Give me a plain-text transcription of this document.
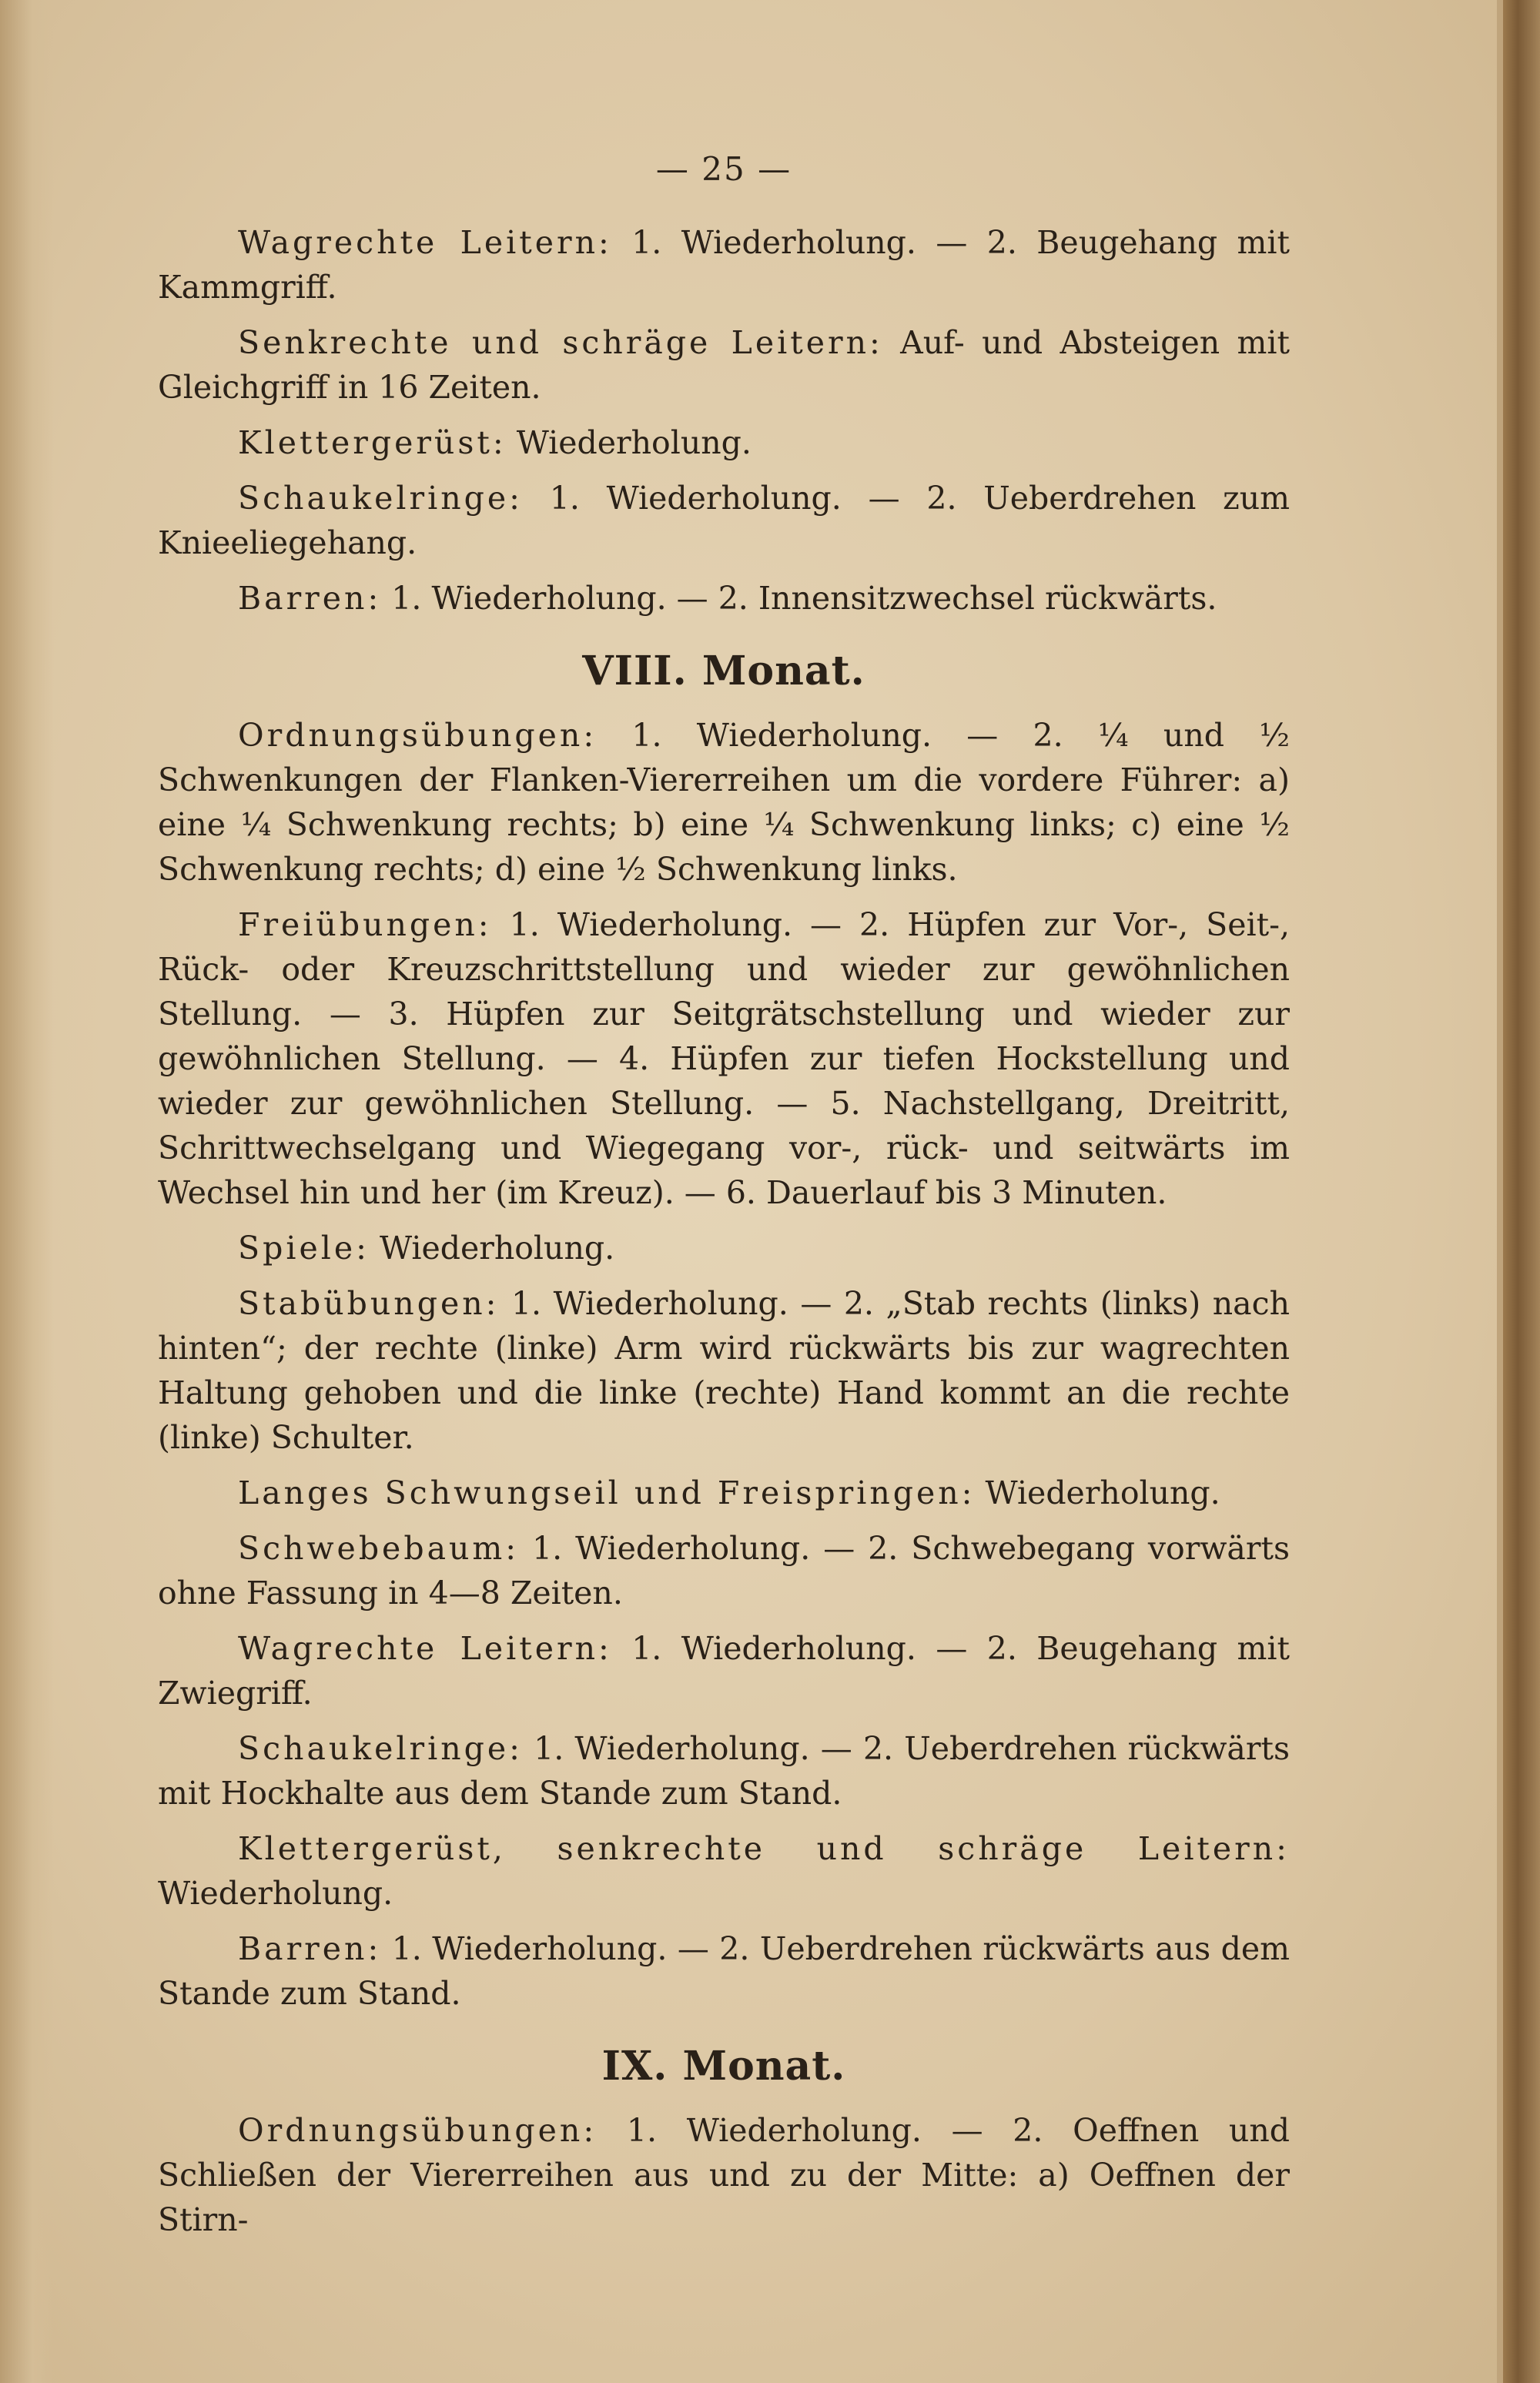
— 25 —

Wagrechte Leitern: 1. Wiederholung. — 2. Beugehang mit Kammgriff.

Senkrechte und schräge Leitern: Auf- und Absteigen mit Gleichgriff in 16 Zeiten.

Klettergerüst: Wiederholung.

Schaukelringe: 1. Wiederholung. — 2. Ueberdrehen zum Knieeliegehang.

Barren: 1. Wiederholung. — 2. Innensitzwechsel rückwärts.

VIII. Monat.

Ordnungsübungen: 1. Wiederholung. — 2. ¼ und ½ Schwenkungen der Flanken-Viererreihen um die vordere Führer: a) eine ¼ Schwenkung rechts; b) eine ¼ Schwenkung links; c) eine ½ Schwenkung rechts; d) eine ½ Schwenkung links.

Freiübungen: 1. Wiederholung. — 2. Hüpfen zur Vor-, Seit-, Rück- oder Kreuzschrittstellung und wieder zur gewöhnlichen Stellung. — 3. Hüpfen zur Seitgrätschstellung und wieder zur gewöhnlichen Stellung. — 4. Hüpfen zur tiefen Hockstellung und wieder zur gewöhnlichen Stellung. — 5. Nachstellgang, Dreitritt, Schrittwechselgang und Wiegegang vor-, rück- und seitwärts im Wechsel hin und her (im Kreuz). — 6. Dauerlauf bis 3 Minuten.

Spiele: Wiederholung.

Stabübungen: 1. Wiederholung. — 2. „Stab rechts (links) nach hinten“; der rechte (linke) Arm wird rückwärts bis zur wagrechten Haltung gehoben und die linke (rechte) Hand kommt an die rechte (linke) Schulter.

Langes Schwungseil und Freispringen: Wiederholung.

Schwebebaum: 1. Wiederholung. — 2. Schwebegang vorwärts ohne Fassung in 4—8 Zeiten.

Wagrechte Leitern: 1. Wiederholung. — 2. Beugehang mit Zwiegriff.

Schaukelringe: 1. Wiederholung. — 2. Ueberdrehen rückwärts mit Hockhalte aus dem Stande zum Stand.

Klettergerüst, senkrechte und schräge Leitern: Wiederholung.

Barren: 1. Wiederholung. — 2. Ueberdrehen rückwärts aus dem Stande zum Stand.

IX. Monat.

Ordnungsübungen: 1. Wiederholung. — 2. Oeffnen und Schließen der Viererreihen aus und zu der Mitte: a) Oeffnen der Stirn-
